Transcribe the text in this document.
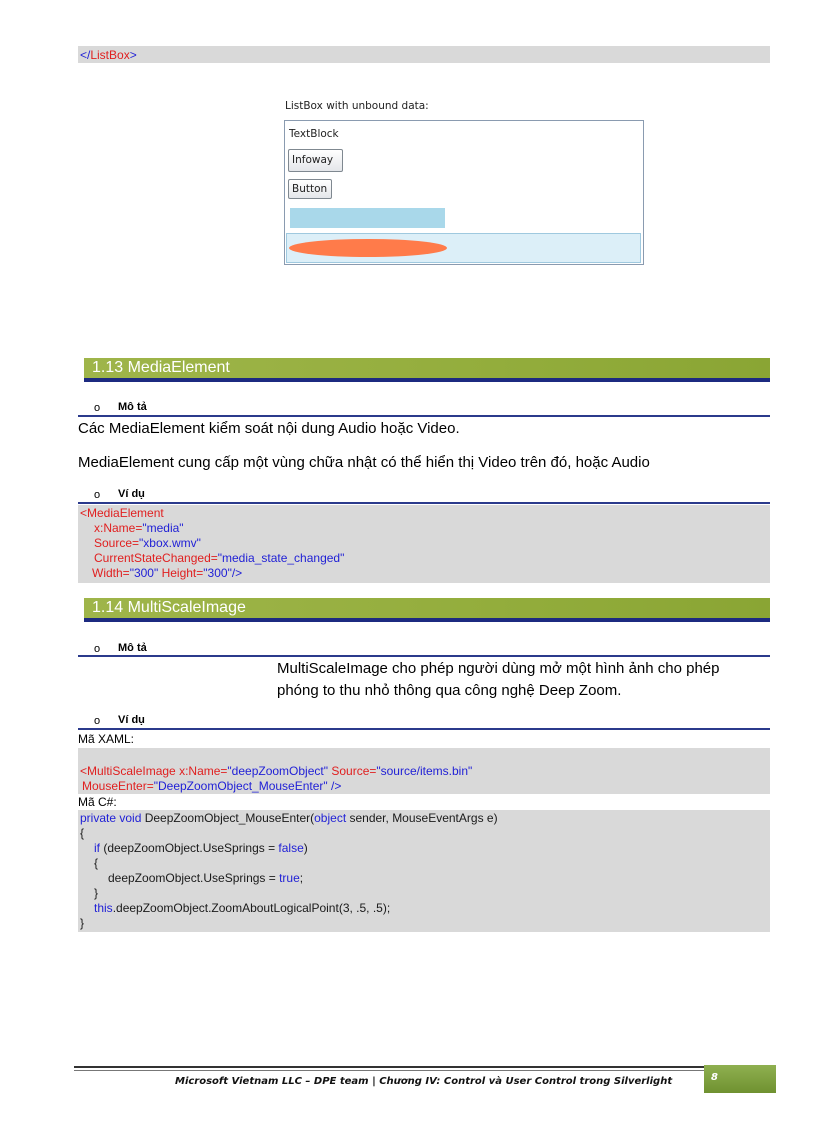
</ListBox>
ListBox with unbound data:
TextBlock
Infoway
Button
1.13 MediaElement
o Mô tả
Các MediaElement kiểm soát nội dung Audio hoặc Video.
MediaElement cung cấp một vùng chữa nhật có thể hiển thị Video trên đó, hoặc Audio
o Ví dụ
<MediaElement
x:Name="media"
Source="xbox.wmv"
CurrentStateChanged="media_state_changed"
Width="300" Height="300"/>
1.14 MultiScaleImage
o Mô tả
MultiScaleImage cho phép người dùng mở một hình ảnh cho phép
phóng to thu nhỏ thông qua công nghệ Deep Zoom.
o Ví dụ
Mã XAML:
<MultiScaleImage x:Name="deepZoomObject" Source="source/items.bin"
MouseEnter="DeepZoomObject_MouseEnter" />
Mã C#:
private void DeepZoomObject_MouseEnter(object sender, MouseEventArgs e)
{
if (deepZoomObject.UseSprings = false)
{
deepZoomObject.UseSprings = true;
}
this.deepZoomObject.ZoomAboutLogicalPoint(3, .5, .5);
}
Microsoft Vietnam LLC – DPE team | Chương IV: Control và User Control trong Silverlight	8
